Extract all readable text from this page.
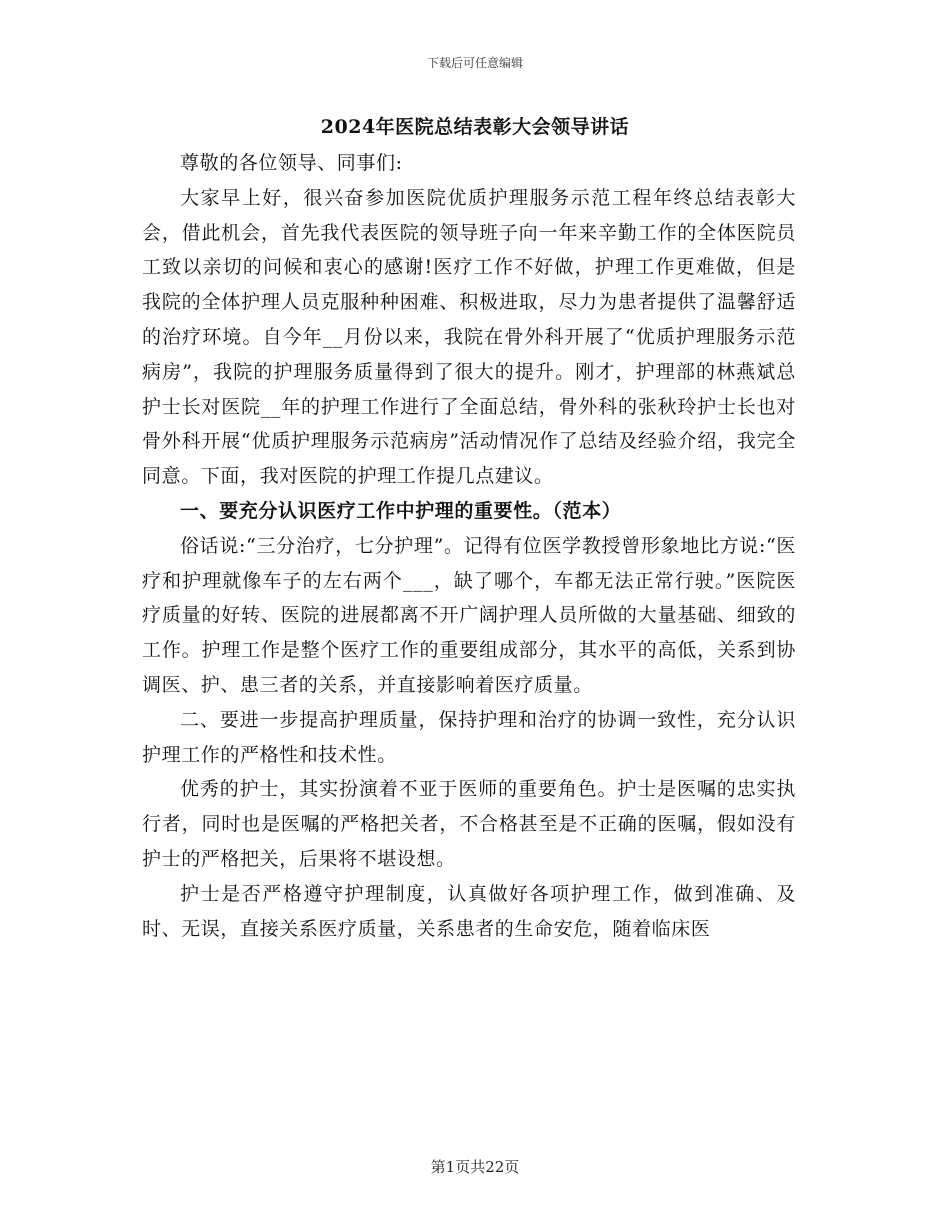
下载后可任意编辑
2024年医院总结表彰大会领导讲话

尊敬的各位领导、同事们:

大家早上好，很兴奋参加医院优质护理服务示范工程年终总结表彰大会，借此机会，首先我代表医院的领导班子向一年来辛勤工作的全体医院员工致以亲切的问候和衷心的感谢!医疗工作不好做，护理工作更难做，但是我院的全体护理人员克服种种困难、积极进取，尽力为患者提供了温馨舒适的治疗环境。自今年__月份以来，我院在骨外科开展了“优质护理服务示范病房”，我院的护理服务质量得到了很大的提升。刚才，护理部的林燕斌总护士长对医院__年的护理工作进行了全面总结，骨外科的张秋玲护士长也对骨外科开展“优质护理服务示范病房”活动情况作了总结及经验介绍，我完全同意。下面，我对医院的护理工作提几点建议。

一、要充分认识医疗工作中护理的重要性。（范本）

俗话说:“三分治疗，七分护理”。记得有位医学教授曾形象地比方说:“医疗和护理就像车子的左右两个___，缺了哪个，车都无法正常行驶。”医院医疗质量的好转、医院的进展都离不开广阔护理人员所做的大量基础、细致的工作。护理工作是整个医疗工作的重要组成部分，其水平的高低，关系到协调医、护、患三者的关系，并直接影响着医疗质量。

二、要进一步提高护理质量，保持护理和治疗的协调一致性，充分认识护理工作的严格性和技术性。

优秀的护士，其实扮演着不亚于医师的重要角色。护士是医嘱的忠实执行者，同时也是医嘱的严格把关者，不合格甚至是不正确的医嘱，假如没有护士的严格把关，后果将不堪设想。

护士是否严格遵守护理制度，认真做好各项护理工作，做到准确、及时、无误，直接关系医疗质量，关系患者的生命安危，随着临床医

第1页共22页
